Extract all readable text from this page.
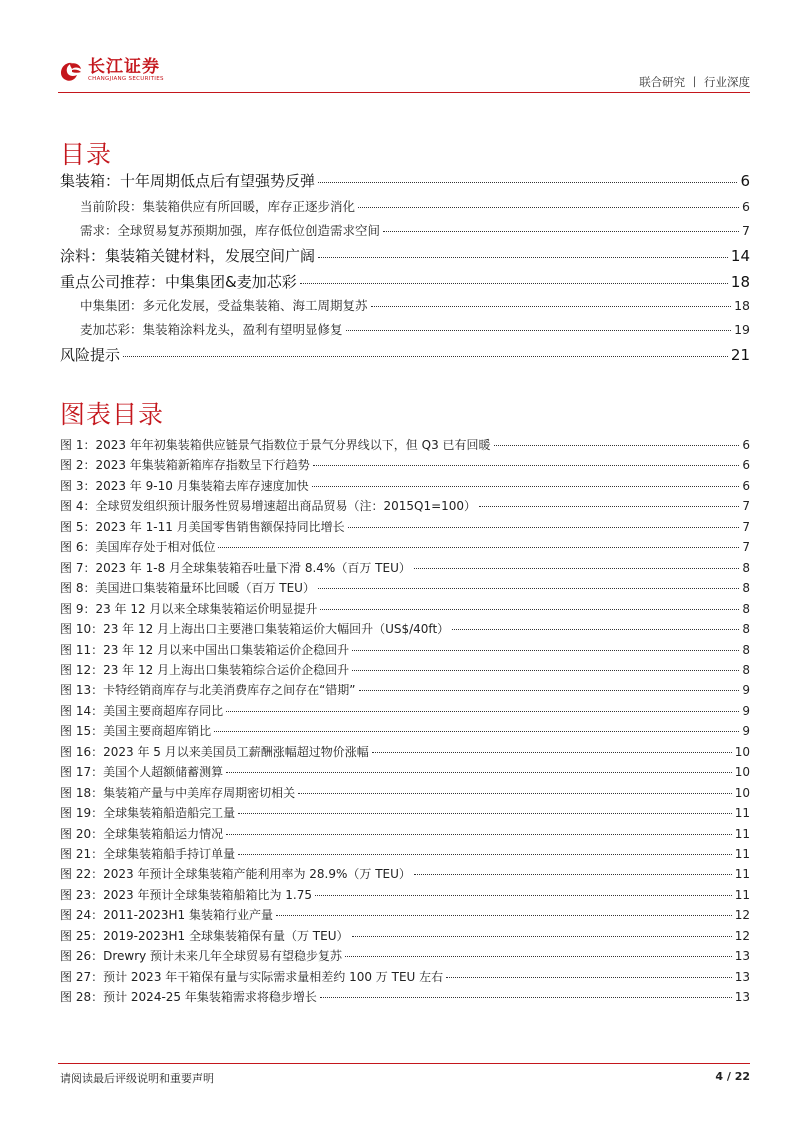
长江证券
CHANGJIANG SECURITIES	联合研究 丨 行业深度
目录
集装箱：十年周期低点后有望强势反弹	6
当前阶段：集装箱供应有所回暖，库存正逐步消化	6
需求：全球贸易复苏预期加强，库存低位创造需求空间	7
涂料：集装箱关键材料，发展空间广阔	14
重点公司推荐：中集集团&麦加芯彩	18
中集集团：多元化发展，受益集装箱、海工周期复苏	18
麦加芯彩：集装箱涂料龙头，盈利有望明显修复	19
风险提示	21
图表目录
图 1：2023 年年初集装箱供应链景气指数位于景气分界线以下，但 Q3 已有回暖	6
图 2：2023 年集装箱新箱库存指数呈下行趋势	6
图 3：2023 年 9-10 月集装箱去库存速度加快	6
图 4：全球贸发组织预计服务性贸易增速超出商品贸易（注：2015Q1=100）	7
图 5：2023 年 1-11 月美国零售销售额保持同比增长	7
图 6：美国库存处于相对低位	7
图 7：2023 年 1-8 月全球集装箱吞吐量下滑 8.4%（百万 TEU）	8
图 8：美国进口集装箱量环比回暖（百万 TEU）	8
图 9：23 年 12 月以来全球集装箱运价明显提升	8
图 10：23 年 12 月上海出口主要港口集装箱运价大幅回升（US$/40ft）	8
图 11：23 年 12 月以来中国出口集装箱运价企稳回升	8
图 12：23 年 12 月上海出口集装箱综合运价企稳回升	8
图 13：卡特经销商库存与北美消费库存之间存在“错期”	9
图 14：美国主要商超库存同比	9
图 15：美国主要商超库销比	9
图 16：2023 年 5 月以来美国员工薪酬涨幅超过物价涨幅	10
图 17：美国个人超额储蓄测算	10
图 18：集装箱产量与中美库存周期密切相关	10
图 19：全球集装箱船造船完工量	11
图 20：全球集装箱船运力情况	11
图 21：全球集装箱船手持订单量	11
图 22：2023 年预计全球集装箱产能利用率为 28.9%（万 TEU）	11
图 23：2023 年预计全球集装箱船箱比为 1.75	11
图 24：2011-2023H1 集装箱行业产量	12
图 25：2019-2023H1 全球集装箱保有量（万 TEU）	12
图 26：Drewry 预计未来几年全球贸易有望稳步复苏	13
图 27：预计 2023 年干箱保有量与实际需求量相差约 100 万 TEU 左右	13
图 28：预计 2024-25 年集装箱需求将稳步增长	13
请阅读最后评级说明和重要声明	4 / 22
